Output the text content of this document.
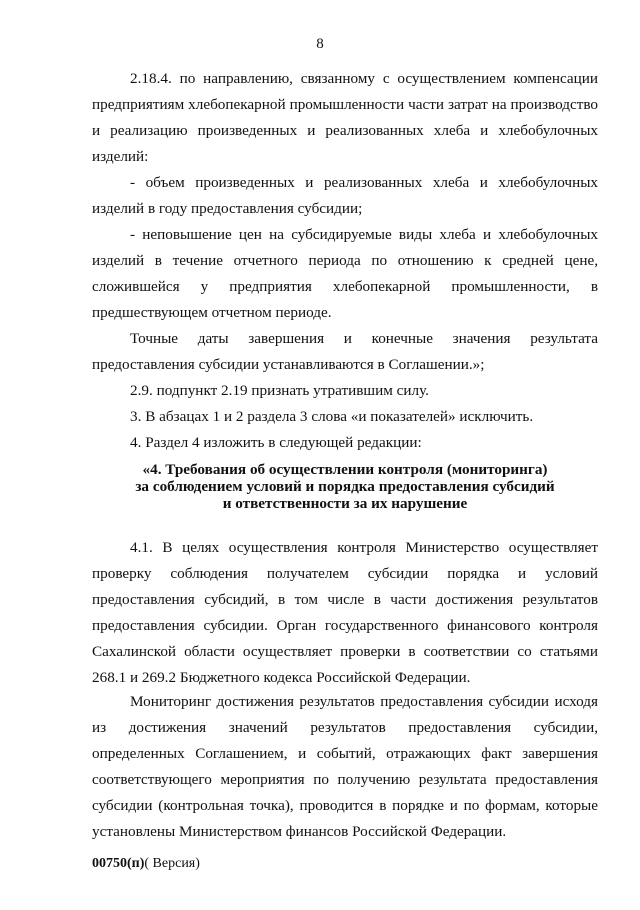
8

2.18.4. по направлению, связанному с осуществлением компенсации предприятиям хлебопекарной промышленности части затрат на производство и реализацию произведенных и реализованных хлеба и хлебобулочных изделий:

- объем произведенных и реализованных хлеба и хлебобулочных изделий в году предоставления субсидии;

- неповышение цен на субсидируемые виды хлеба и хлебобулочных изделий в течение отчетного периода по отношению к средней цене, сложившейся у предприятия хлебопекарной промышленности, в предшествующем отчетном периоде.

Точные даты завершения и конечные значения результата предоставления субсидии устанавливаются в Соглашении.»;

2.9. подпункт 2.19 признать утратившим силу.

3. В абзацах 1 и 2 раздела 3 слова «и показателей» исключить.

4. Раздел 4 изложить в следующей редакции:

«4. Требования об осуществлении контроля (мониторинга)
за соблюдением условий и порядка предоставления субсидий
и ответственности за их нарушение

4.1. В целях осуществления контроля Министерство осуществляет проверку соблюдения получателем субсидии порядка и условий предоставления субсидий, в том числе в части достижения результатов предоставления субсидии. Орган государственного финансового контроля Сахалинской области осуществляет проверки в соответствии со статьями 268.1 и 269.2 Бюджетного кодекса Российской Федерации.

Мониторинг достижения результатов предоставления субсидии исходя из достижения значений результатов предоставления субсидии, определенных Соглашением, и событий, отражающих факт завершения соответствующего мероприятия по получению результата предоставления субсидии (контрольная точка), проводится в порядке и по формам, которые установлены Министерством финансов Российской Федерации.

00750(п)( Версия)
